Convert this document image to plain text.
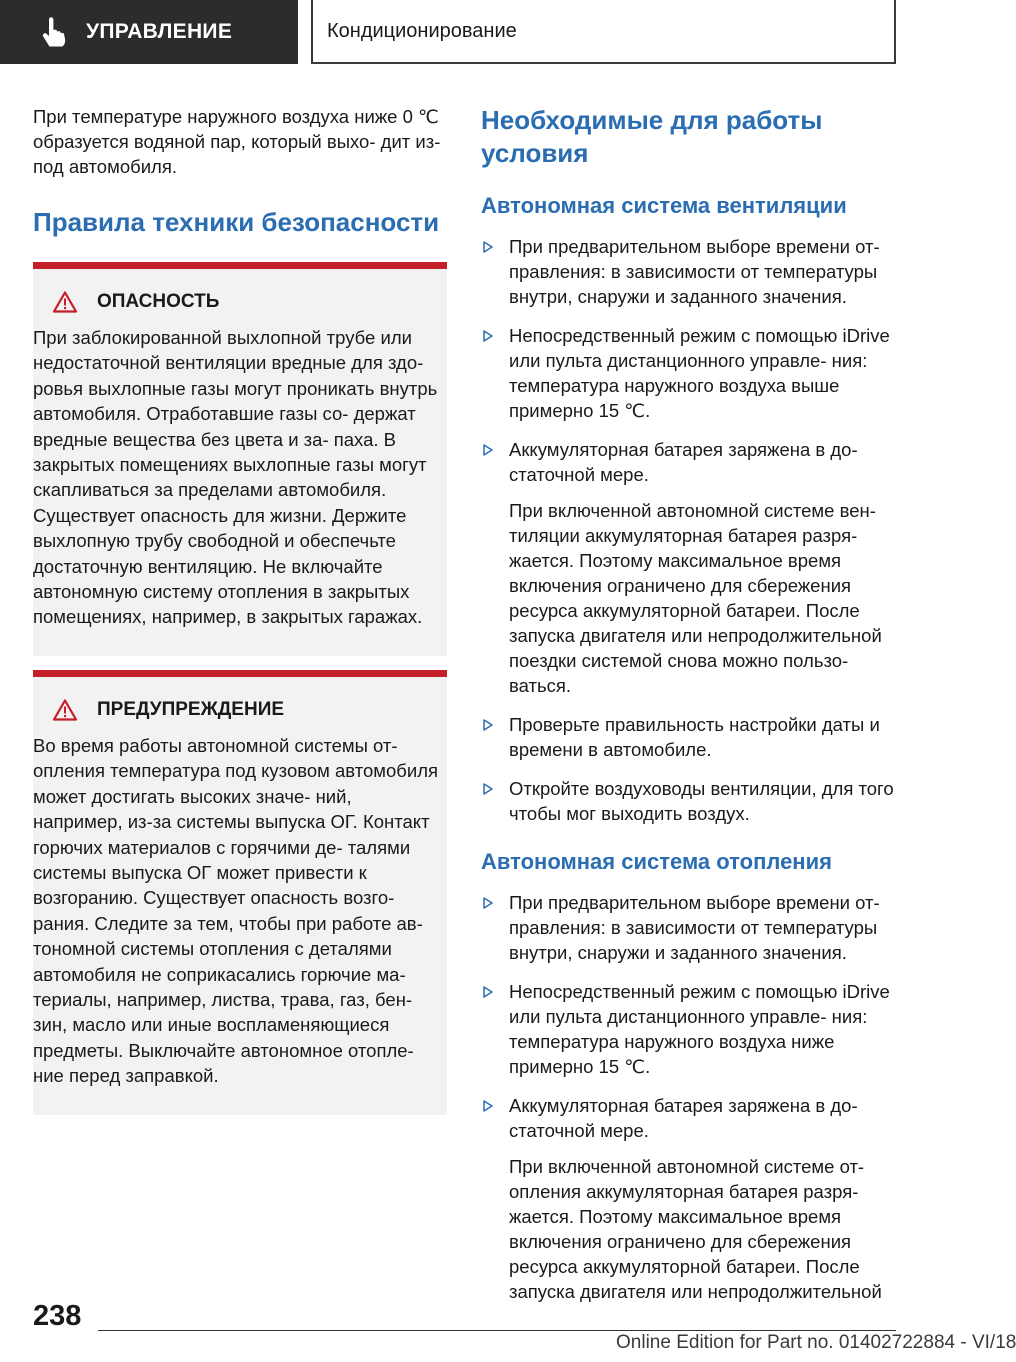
УПРАВЛЕНИЕ	Кондиционирование

При температуре наружного воздуха ниже 0 ℃ образуется водяной пар, который выхо‐ дит из-под автомобиля.

Правила техники безопасности
ОПАСНОСТЬ

При заблокированной выхлопной трубе или недостаточной вентиляции вредные для здо‐ ровья выхлопные газы могут проникать внутрь автомобиля. Отработавшие газы со‐ держат вредные вещества без цвета и за‐ паха. В закрытых помещениях выхлопные газы могут скапливаться за пределами автомобиля. Существует опасность для жизни. Держите выхлопную трубу свободной и обеспечьте достаточную вентиляцию. Не включайте автономную систему отопления в закрытых помещениях, например, в закрытых гаражах.

ПРЕДУПРЕЖДЕНИЕ

Во время работы автономной системы от‐ опления температура под кузовом автомобиля может достигать высоких значе‐ ний, например, из-за системы выпуска ОГ. Контакт горючих материалов с горячими де‐ талями системы выпуска ОГ может привести к возгоранию. Существует опасность возго‐ рания. Следите за тем, чтобы при работе ав‐ тономной системы отопления с деталями автомобиля не соприкасались горючие ма‐ териалы, например, листва, трава, газ, бен‐ зин, масло или иные воспламеняющиеся предметы. Выключайте автономное отопле‐ ние перед заправкой.

Необходимые для работы условия
Автономная система вентиляции

При предварительном выборе времени от‐ правления: в зависимости от температуры внутри, снаружи и заданного значения.

Непосредственный режим с помощью iDrive или пульта дистанционного управле‐ ния: температура наружного воздуха выше примерно 15 ℃.

Аккумуляторная батарея заряжена в до‐ статочной мере.

При включенной автономной системе вен‐ тиляции аккумуляторная батарея разря‐ жается. Поэтому максимальное время включения ограничено для сбережения ресурса аккумуляторной батареи. После запуска двигателя или непродолжительной поездки системой снова можно пользо‐ ваться.

Проверьте правильность настройки даты и времени в автомобиле.

Откройте воздуховоды вентиляции, для того чтобы мог выходить воздух.

Автономная система отопления

При предварительном выборе времени от‐ правления: в зависимости от температуры внутри, снаружи и заданного значения.

Непосредственный режим с помощью iDrive или пульта дистанционного управле‐ ния: температура наружного воздуха ниже примерно 15 ℃.

Аккумуляторная батарея заряжена в до‐ статочной мере.

При включенной автономной системе от‐ опления аккумуляторная батарея разря‐ жается. Поэтому максимальное время включения ограничено для сбережения ресурса аккумуляторной батареи. После запуска двигателя или непродолжительной

238
Online Edition for Part no. 01402722884 - VI/18
